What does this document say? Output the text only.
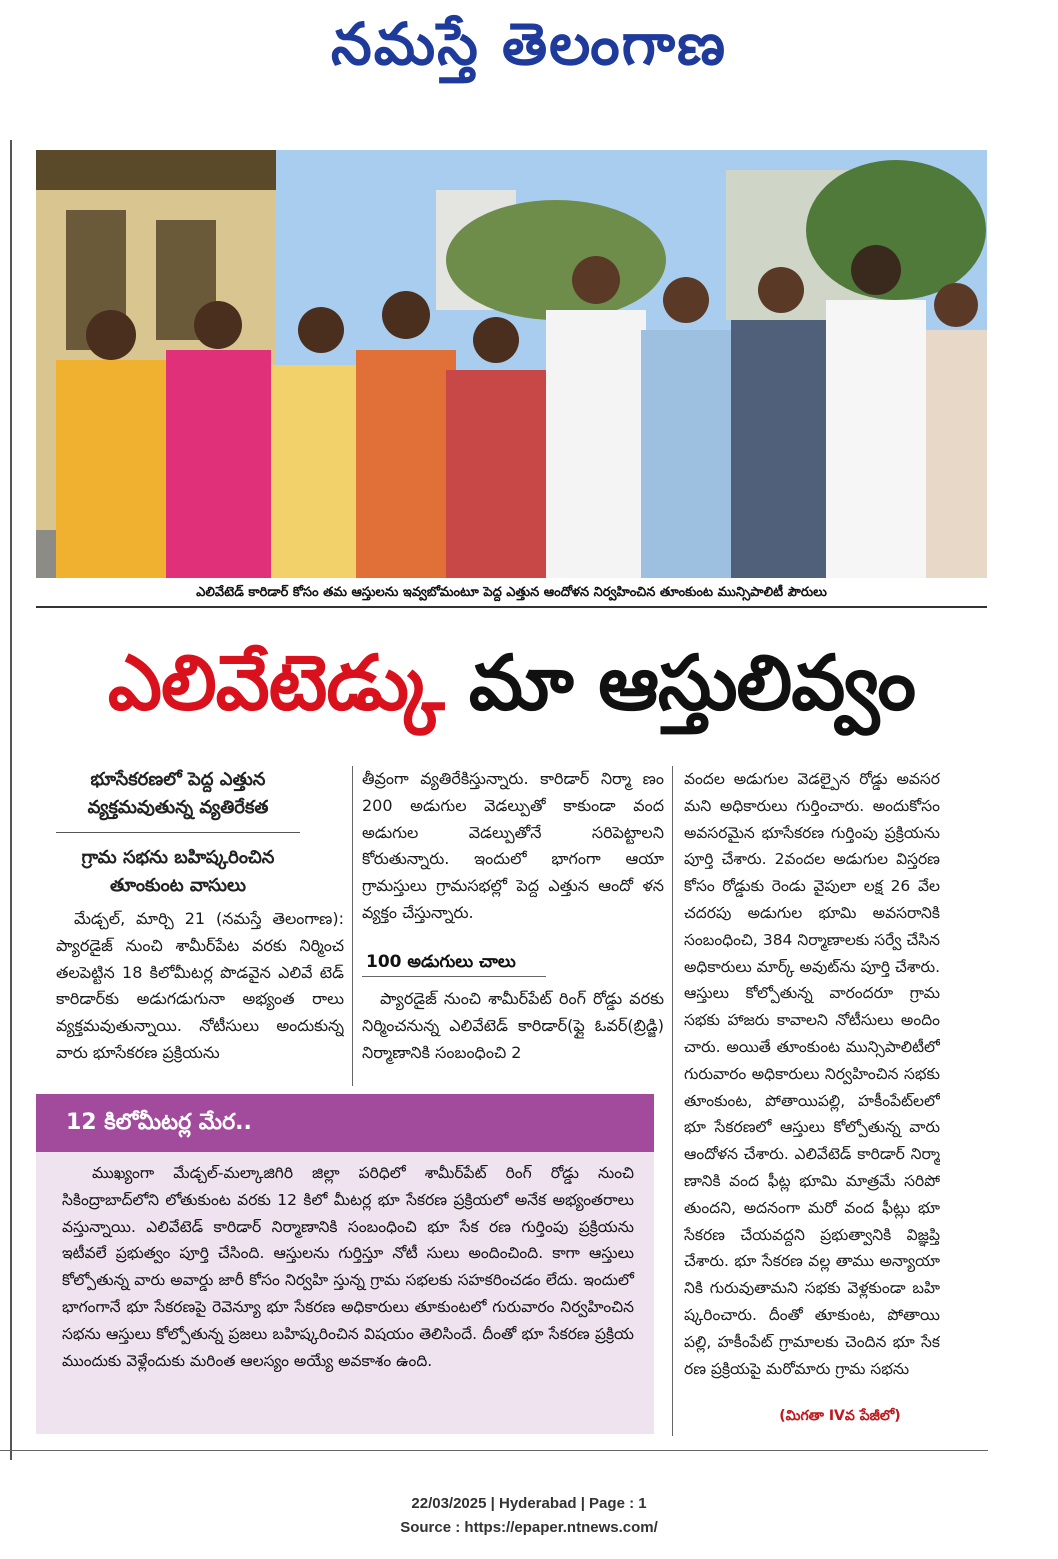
నమస్తే తెలంగాణ
ఎలివేటెడ్ కారిడార్ కోసం తమ ఆస్తులను ఇవ్వబోమంటూ పెద్ద ఎత్తున ఆందోళన నిర్వహించిన తూంకుంట మున్సిపాలిటీ పౌరులు
ఎలివేటెడ్కు మా ఆస్తులివ్వం
భూసేకరణలో పెద్ద ఎత్తున వ్యక్తమవుతున్న వ్యతిరేకత
గ్రామ సభను బహిష్కరించిన తూంకుంట వాసులు

మేడ్చల్, మార్చి 21 (నమస్తే తెలంగాణ): ప్యారడైజ్ నుంచి శామీర్‌పేట వరకు నిర్మించ తలపెట్టిన 18 కిలోమీటర్ల పొడవైన ఎలివే టెడ్ కారిడార్‌కు అడుగడుగునా అభ్యంత రాలు వ్యక్తమవుతున్నాయి. నోటీసులు అందుకున్న వారు భూసేకరణ ప్రక్రియను

తీవ్రంగా వ్యతిరేకిస్తున్నారు. కారిడార్ నిర్మా ణం 200 అడుగుల వెడల్పుతో కాకుండా వంద అడుగుల వెడల్పుతోనే సరిపెట్టాలని కోరుతున్నారు. ఇందులో భాగంగా ఆయా గ్రామస్తులు గ్రామసభల్లో పెద్ద ఎత్తున ఆందో ళన వ్యక్తం చేస్తున్నారు.

100 అడుగులు చాలు

ప్యారడైజ్ నుంచి శామీర్‌పేట్ రింగ్ రోడ్డు వరకు నిర్మించనున్న ఎలివేటెడ్ కారిడార్(ఫ్లై ఓవర్(బ్రిడ్జి) నిర్మాణానికి సంబంధించి 2

వందల అడుగుల వెడల్పైన రోడ్డు అవసర మని అధికారులు గుర్తించారు. అందుకోసం అవసరమైన భూసేకరణ గుర్తింపు ప్రక్రియను పూర్తి చేశారు. 2వందల అడుగుల విస్తరణ కోసం రోడ్డుకు రెండు వైపులా లక్ష 26 వేల చదరపు అడుగుల భూమి అవసరానికి సంబంధించి, 384 నిర్మాణాలకు సర్వే చేసిన అధికారులు మార్క్ అవుట్‌ను పూర్తి చేశారు. ఆస్తులు కోల్పోతున్న వారందరూ గ్రామ సభకు హాజరు కావాలని నోటీసులు అందిం చారు. అయితే తూంకుంట మున్సిపాలిటీలో గురువారం అధికారులు నిర్వహించిన సభకు తూంకుంట, పోతాయిపల్లి, హకీంపేట్‌లలో భూ సేకరణలో ఆస్తులు కోల్పోతున్న వారు ఆందోళన చేశారు. ఎలివేటెడ్ కారిడార్ నిర్మా ణానికి వంద ఫీట్ల భూమి మాత్రమే సరిపో తుందని, అదనంగా మరో వంద ఫీట్లు భూ సేకరణ చేయవద్దని ప్రభుత్వానికి విజ్ఞప్తి చేశారు. భూ సేకరణ వల్ల తాము అన్యాయా నికి గురువుతామని సభకు వెళ్లకుండా బహి ష్కరించారు. దీంతో తూకుంట, పోతాయి పల్లి, హకీంపేట్ గ్రామాలకు చెందిన భూ సేక రణ ప్రక్రియపై మరోమారు గ్రామ సభను

(మిగతా IVవ పేజీలో)
12 కిలోమీటర్ల మేర..

ముఖ్యంగా మేడ్చల్-మల్కాజిగిరి జిల్లా పరిధిలో శామీర్‌పేట్ రింగ్ రోడ్డు నుంచి సికింద్రాబాద్‌లోని లోతుకుంట వరకు 12 కిలో మీటర్ల భూ సేకరణ ప్రక్రియలో అనేక అభ్యంతరాలు వస్తున్నాయి. ఎలివేటెడ్ కారిడార్ నిర్మాణానికి సంబంధించి భూ సేక రణ గుర్తింపు ప్రక్రియను ఇటీవలే ప్రభుత్వం పూర్తి చేసింది. ఆస్తులను గుర్తిస్తూ నోటీ సులు అందించింది. కాగా ఆస్తులు కోల్పోతున్న వారు అవార్డు జారీ కోసం నిర్వహి స్తున్న గ్రామ సభలకు సహకరించడం లేదు. ఇందులో భాగంగానే భూ సేకరణపై రెవెన్యూ భూ సేకరణ అధికారులు తూకుంటలో గురువారం నిర్వహించిన సభను ఆస్తులు కోల్పోతున్న ప్రజలు బహిష్కరించిన విషయం తెలిసిందే. దీంతో భూ సేకరణ ప్రక్రియ ముందుకు వెళ్లేందుకు మరింత ఆలస్యం అయ్యే అవకాశం ఉంది.

22/03/2025 | Hyderabad | Page : 1
Source : https://epaper.ntnews.com/
